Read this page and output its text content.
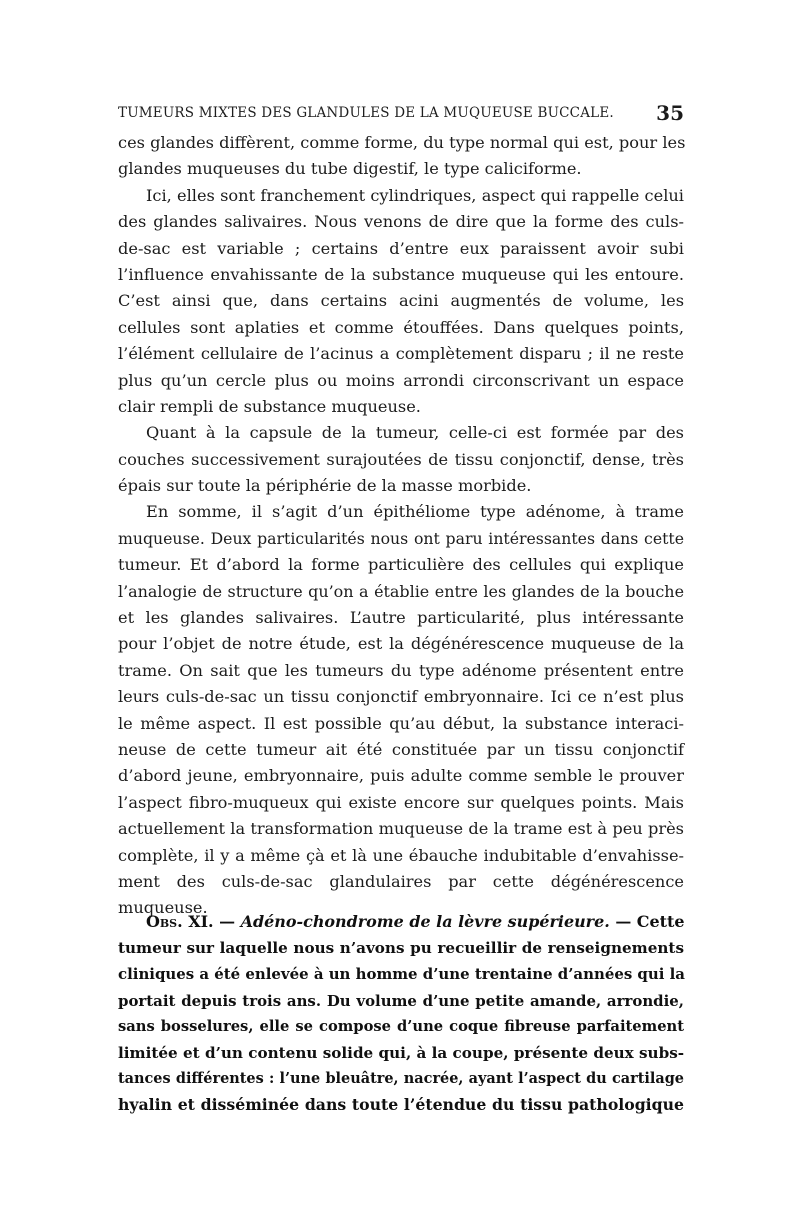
TUMEURS MIXTES DES GLANDULES DE LA MUQUEUSE BUCCALE. 35
ces glandes diffèrent, comme forme, du type normal qui est, pour les
glandes muqueuses du tube digestif, le type caliciforme.
Ici, elles sont franchement cylindriques, aspect qui rappelle celui
des glandes salivaires. Nous venons de dire que la forme des culs-
de-sac est variable ; certains d’entre eux paraissent avoir subi
l’influence envahissante de la substance muqueuse qui les entoure.
C’est ainsi que, dans certains acini augmentés de volume, les
cellules sont aplaties et comme étouffées. Dans quelques points,
l’élément cellulaire de l’acinus a complètement disparu ; il ne reste
plus qu’un cercle plus ou moins arrondi circonscrivant un espace
clair rempli de substance muqueuse.
Quant à la capsule de la tumeur, celle-ci est formée par des
couches successivement surajoutées de tissu conjonctif, dense, très
épais sur toute la périphérie de la masse morbide.
En somme, il s’agit d’un épithéliome type adénome, à trame
muqueuse. Deux particularités nous ont paru intéressantes dans cette
tumeur. Et d’abord la forme particulière des cellules qui explique
l’analogie de structure qu’on a établie entre les glandes de la bouche
et les glandes salivaires. L’autre particularité, plus intéressante
pour l’objet de notre étude, est la dégénérescence muqueuse de la
trame. On sait que les tumeurs du type adénome présentent entre
leurs culs-de-sac un tissu conjonctif embryonnaire. Ici ce n’est plus
le même aspect. Il est possible qu’au début, la substance interaci-
neuse de cette tumeur ait été constituée par un tissu conjonctif
d’abord jeune, embryonnaire, puis adulte comme semble le prouver
l’aspect fibro-muqueux qui existe encore sur quelques points. Mais
actuellement la transformation muqueuse de la trame est à peu près
complète, il y a même çà et là une ébauche indubitable d’envahisse-
ment des culs-de-sac glandulaires par cette dégénérescence
muqueuse.
Obs. XI. — Adéno-chondrome de la lèvre supérieure. — Cette
tumeur sur laquelle nous n’avons pu recueillir de renseignements
cliniques a été enlevée à un homme d’une trentaine d’années qui la
portait depuis trois ans. Du volume d’une petite amande, arrondie,
sans bosselures, elle se compose d’une coque fibreuse parfaitement
limitée et d’un contenu solide qui, à la coupe, présente deux subs-
tances différentes : l’une bleuâtre, nacrée, ayant l’aspect du cartilage
hyalin et disséminée dans toute l’étendue du tissu pathologique
